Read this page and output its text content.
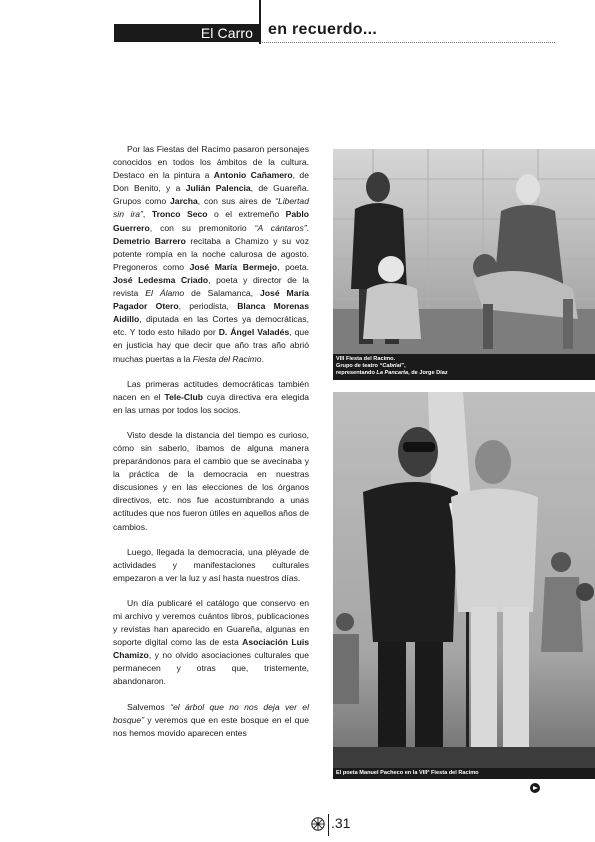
El Carro en recuerdo...

Por las Fiestas del Racimo pasaron personajes conocidos en todos los ámbitos de la cultura. Destaco en la pintura a Antonio Cañamero, de Don Benito, y a Julián Palencia, de Guareña. Grupos como Jarcha, con sus aires de “Libertad sin ira”, Tronco Seco o el extremeño Pablo Guerrero, con su premonitorio “A cántaros”. Demetrio Barrero recitaba a Chamizo y su voz potente rompía en la noche calurosa de agosto. Pregoneros como José María Bermejo, poeta. José Ledesma Criado, poeta y director de la revista El Álamo de Salamanca, José María Pagador Otero, periodista, Blanca Morenas Aidillo, diputada en las Cortes ya democráticas, etc. Y todo esto hilado por D. Ángel Valadés, que en justicia hay que decir que año tras año abrió muchas puertas a la Fiesta del Racimo.

Las primeras actitudes democráticas también nacen en el Tele-Club cuya directiva era elegida en las urnas por todos los socios.

Visto desde la distancia del tiempo es curioso, cómo sin saberlo, íbamos de alguna manera preparándonos para el cambio que se avecinaba y la práctica de la democracia en nuestras discusiones y en las elecciones de los órganos directivos, etc. nos fue acostumbrando a unas actitudes que nos fueron útiles en aquellos años de cambios.

Luego, llegada la democracia, una pléyade de actividades y manifestaciones culturales empezaron a ver la luz y así hasta nuestros días.

Un día publicaré el catálogo que conservo en mi archivo y veremos cuántos libros, publicaciones y revistas han aparecido en Guareña, algunas en soporte digital como las de esta Asociación Luis Chamizo, y no olvido asociaciones culturales que permanecen y otras que, tristemente, abandonaron.

Salvemos “el árbol que no nos deja ver el bosque” y veremos que en este bosque en el que nos hemos movido aparecen entes

VIII Fiesta del Racimo.
Grupo de teatro “Cabrial”,
representando La Pancarta, de Jorge Díaz
El poeta Manuel Pacheco en la VIIIª Fiesta del Racimo
.31
